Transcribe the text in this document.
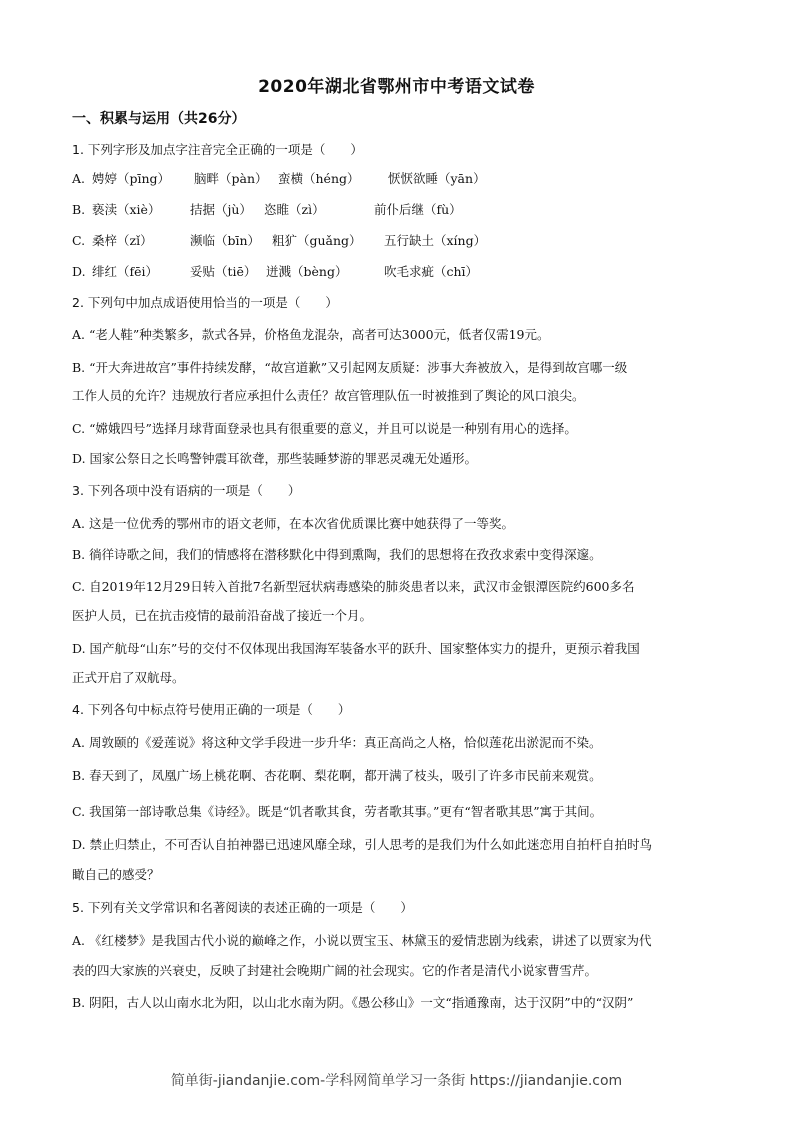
2020年湖北省鄂州市中考语文试卷
一、积累与运用（共26分）
1. 下列字形及加点字注音完全正确的一项是（　　）
A. 娉婷（pīng） 脑畔（pàn） 蛮横（héng） 恹恹欲睡（yān）
B. 亵渎（xiè） 拮据（jù） 恣睢（zì）	前仆后继（fù）
C. 桑梓（zǐ）	濒临（bīn） 粗犷（guǎng） 五行缺土（xíng）
D. 绯红（fēi）	妥贴（tiē） 迸溅（bèng）	吹毛求疵（chī）
2. 下列句中加点成语使用恰当的一项是（　　）
A. “老人鞋”种类繁多，款式各异，价格鱼龙混杂，高者可达3000元，低者仅需19元。
B. “开大奔进故宫”事件持续发酵，“故宫道歉”又引起网友质疑：涉事大奔被放入，是得到故宫哪一级
工作人员的允许？违规放行者应承担什么责任？故宫管理队伍一时被推到了舆论的风口浪尖。
C. “嫦娥四号”选择月球背面登录也具有很重要的意义，并且可以说是一种别有用心的选择。
D. 国家公祭日之长鸣警钟震耳欲聋，那些装睡梦游的罪恶灵魂无处遁形。
3. 下列各项中没有语病的一项是（　　）
A. 这是一位优秀的鄂州市的语文老师，在本次省优质课比赛中她获得了一等奖。
B. 徜徉诗歌之间，我们的情感将在潜移默化中得到熏陶，我们的思想将在孜孜求索中变得深邃。
C. 自2019年12月29日转入首批7名新型冠状病毒感染的肺炎患者以来，武汉市金银潭医院约600多名
医护人员，已在抗击疫情的最前沿奋战了接近一个月。
D. 国产航母“山东”号的交付不仅体现出我国海军装备水平的跃升、国家整体实力的提升，更预示着我国
正式开启了双航母。
4. 下列各句中标点符号使用正确的一项是（　　）
A. 周敦颐的《爱莲说》将这种文学手段进一步升华：真正高尚之人格，恰似莲花出淤泥而不染。
B. 春天到了，凤凰广场上桃花啊、杏花啊、梨花啊，都开满了枝头，吸引了许多市民前来观赏。
C. 我国第一部诗歌总集《诗经》。既是“饥者歌其食，劳者歌其事。”更有“智者歌其思”寓于其间。
D. 禁止归禁止，不可否认自拍神器已迅速风靡全球，引人思考的是我们为什么如此迷恋用自拍杆自拍时鸟
瞰自己的感受？
5. 下列有关文学常识和名著阅读的表述正确的一项是（　　）
A. 《红楼梦》是我国古代小说的巅峰之作，小说以贾宝玉、林黛玉的爱情悲剧为线索，讲述了以贾家为代
表的四大家族的兴衰史，反映了封建社会晚期广阔的社会现实。它的作者是清代小说家曹雪芹。
B. 阴阳，古人以山南水北为阳，以山北水南为阴。《愚公移山》一文“指通豫南，达于汉阴”中的“汉阴”
简单街-jiandanjie.com-学科网简单学习一条街 https://jiandanjie.com
